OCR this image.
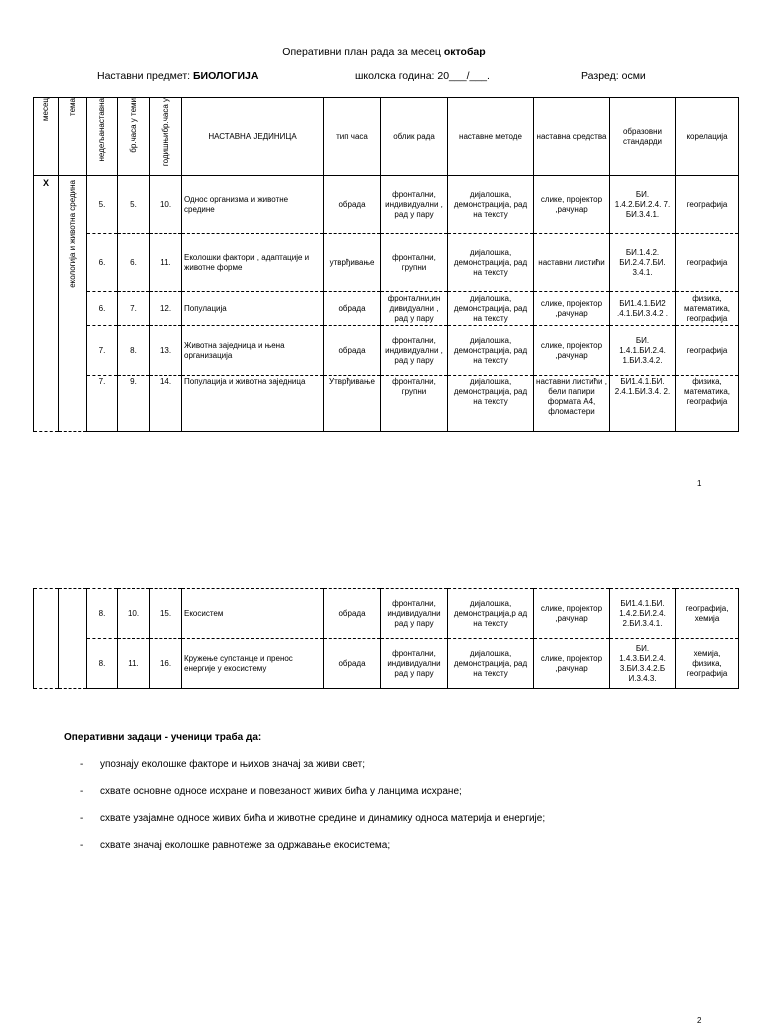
Оперативни план рада за месец октобар
Наставни предмет: БИОЛОГИЈА	школска година: 20___/___.	Разред: осми
месец	тема	недељанаставна	бр.часа у теми	годишњибр.часа у	НАСТАВНА ЈЕДИНИЦА	тип часа	облик рада	наставне методе	наставна средства	образовни стандарди	корелација

X	екологија и животна средина	5.	5.	10.	Однос организма и животне средине	обрада	фронтални, индивидуални , рад у пару	дијалошка, демонстрација, рад на тексту	слике, пројектор ,рачунар	БИ. 1.4.2.БИ.2.4. 7. БИ.3.4.1.	географија
		6.	6.	11.	Еколошки фактори , адаптације и животне форме	утврђивање	фронтални, групни	дијалошка, демонстрација, рад на тексту	наставни листићи	БИ.1.4.2. БИ.2.4.7.БИ. 3.4.1.	географија
		6.	7.	12.	Популација	обрада	фронтални,ин дивидуални , рад у пару	дијалошка, демонстрација, рад на тексту	слике, пројектор ,рачунар	БИ1.4.1.БИ2 .4.1.БИ.3.4.2 .	физика, математика, географија
		7.	8.	13.	Животна заједница и њена организација	обрада	фронтални, индивидуални , рад у пару	дијалошка, демонстрација, рад на тексту	слике, пројектор ,рачунар	БИ. 1.4.1.БИ.2.4. 1.БИ.3.4.2.	географија
		7.	9.	14.	Популација и животна заједница	Утврђивање	фронтални, групни	дијалошка, демонстрација, рад на тексту	наставни листићи , бели папири формата А4, фломастери	БИ1.4.1.БИ. 2.4.1.БИ.3.4. 2.	физика, математика, географија
1
		8.	10.	15.	Екосистем	обрада	фронтални, индивидуални рад у пару	дијалошка, демонстрација,р ад на тексту	слике, пројектор ,рачунар	БИ1.4.1.БИ. 1.4.2.БИ.2.4. 2.БИ.3.4.1.	географија, хемија
		8.	11.	16.	Кружење супстанце и пренос енергије у екосистему	обрада	фронтални, индивидуални рад у пару	дијалошка, демонстрација, рад на тексту	слике, пројектор ,рачунар	БИ. 1.4.3.БИ.2.4. 3.БИ.3.4.2.Б И.3.4.3.	хемија, физика, географија
Оперативни задаци - ученици траба да:
- упознају еколошке факторе и њихов значај за живи свет;
- схвате основне односе исхране и повезаност живих бића у ланцима исхране;
- схвате узајамне односе живих бића и животне средине и динамику односа материја и енергије;
- схвате значај еколошке равнотеже за одржавање екосистема;
2
